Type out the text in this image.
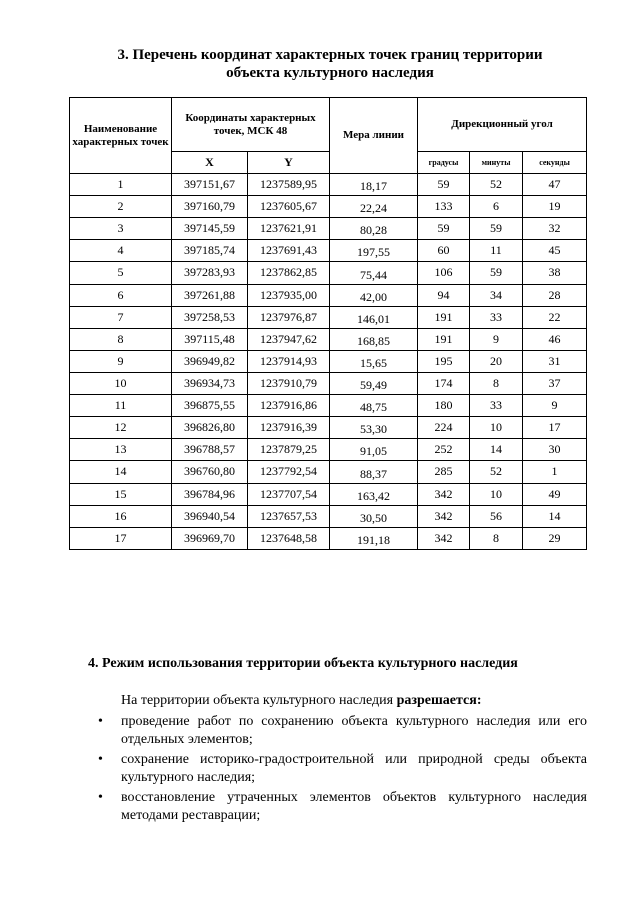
3. Перечень координат характерных точек границ территории
объекта культурного наследия
Наименование характерных точек	Координаты характерных точек, МСК 48		Мера линии	Дирекционный угол		
	X	Y		градусы	минуты	секунды
1	397151,67	1237589,95	18,17	59	52	47
2	397160,79	1237605,67	22,24	133	6	19
3	397145,59	1237621,91	80,28	59	59	32
4	397185,74	1237691,43	197,55	60	11	45
5	397283,93	1237862,85	75,44	106	59	38
6	397261,88	1237935,00	42,00	94	34	28
7	397258,53	1237976,87	146,01	191	33	22
8	397115,48	1237947,62	168,85	191	9	46
9	396949,82	1237914,93	15,65	195	20	31
10	396934,73	1237910,79	59,49	174	8	37
11	396875,55	1237916,86	48,75	180	33	9
12	396826,80	1237916,39	53,30	224	10	17
13	396788,57	1237879,25	91,05	252	14	30
14	396760,80	1237792,54	88,37	285	52	1
15	396784,96	1237707,54	163,42	342	10	49
16	396940,54	1237657,53	30,50	342	56	14
17	396969,70	1237648,58	191,18	342	8	29
4. Режим использования территории объекта культурного наследия
На территории объекта культурного наследия разрешается:
• проведение работ по сохранению объекта культурного наследия или его отдельных элементов;
• сохранение историко-градостроительной или природной среды объекта культурного наследия;
• восстановление утраченных элементов объектов культурного наследия методами реставрации;
